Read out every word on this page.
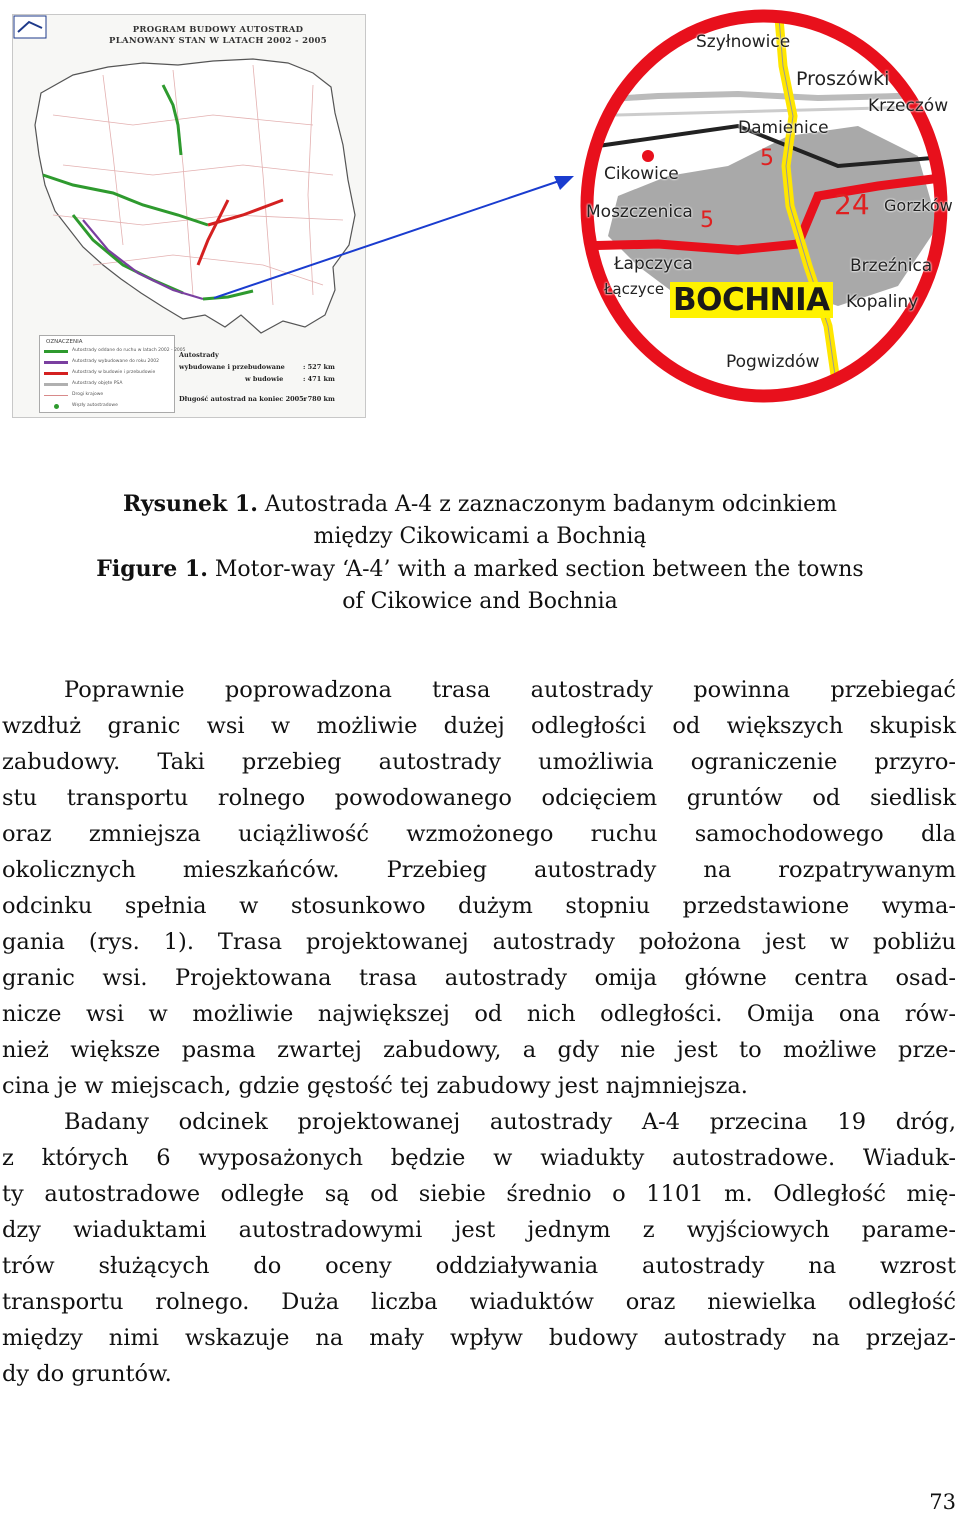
PROGRAM BUDOWY AUTOSTRAD
PLANOWANY STAN W LATACH 2002 - 2005
OZNACZENIA
Autostrady oddane do ruchu w latach 2002 - 2005
Autostrady wybudowane do roku 2002
Autostrady w budowie i przebudowie
Autostrady objęte PSA
Drogi krajowe
Węzły autostradowe
Autostrady
wybudowane i przebudowane	: 527 km
w budowie	: 471 km
Długość autostrad na koniec 2005r
: 780 km
Szyłnowice
Proszówki
Damienice
Cikowice
Krzeczów
Moszczenica	Gorzków
Łapczyca	Brzeźnica
Kopaliny
Pogwizdów
Łączyce BOCHNIA
5
5	24
Rysunek 1. Autostrada A-4 z zaznaczonym badanym odcinkiem
między Cikowicami a Bochnią
Figure 1. Motor-way ‘A-4’ with a marked section between the towns
of Cikowice and Bochnia

Poprawnie poprowadzona trasa autostrady powinna przebiegać
wzdłuż granic wsi w możliwie dużej odległości od większych skupisk
zabudowy. Taki przebieg autostrady umożliwia ograniczenie przyro-
stu transportu rolnego powodowanego odcięciem gruntów od siedlisk
oraz zmniejsza uciążliwość wzmożonego ruchu samochodowego dla
okolicznych mieszkańców. Przebieg autostrady na rozpatrywanym
odcinku spełnia w stosunkowo dużym stopniu przedstawione wyma-
gania (rys. 1). Trasa projektowanej autostrady położona jest w pobliżu
granic wsi. Projektowana trasa autostrady omija główne centra osad-
nicze wsi w możliwie największej od nich odległości. Omija ona rów-
nież większe pasma zwartej zabudowy, a gdy nie jest to możliwe prze-
cina je w miejscach, gdzie gęstość tej zabudowy jest najmniejsza.

Badany odcinek projektowanej autostrady A-4 przecina 19 dróg,
z których 6 wyposażonych będzie w wiadukty autostradowe. Wiaduk-
ty autostradowe odległe są od siebie średnio o 1101 m. Odległość mię-
dzy wiaduktami autostradowymi jest jednym z wyjściowych parame-
trów służących do oceny oddziaływania autostrady na wzrost
transportu rolnego. Duża liczba wiaduktów oraz niewielka odległość
między nimi wskazuje na mały wpływ budowy autostrady na przejaz-
dy do gruntów.

73
